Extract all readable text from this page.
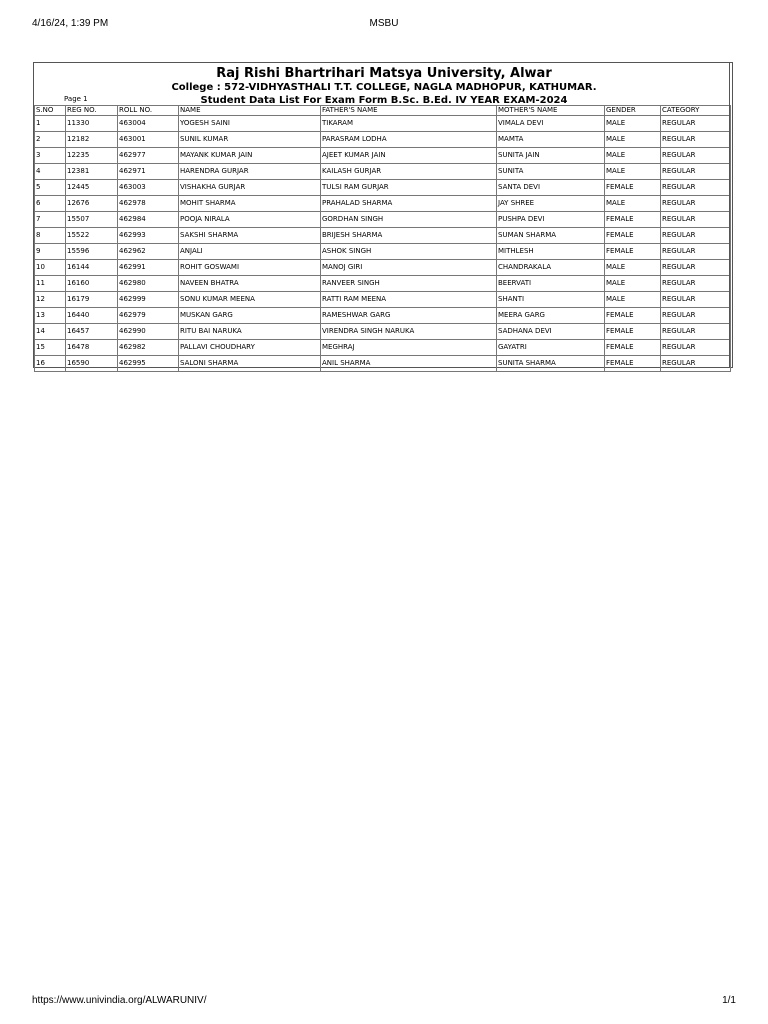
4/16/24, 1:39 PM	MSBU
Raj Rishi Bhartrihari Matsya University, Alwar
College : 572-VIDHYASTHALI T.T. COLLEGE, NAGLA MADHOPUR, KATHUMAR.
Student Data List For Exam Form B.Sc. B.Ed. IV YEAR EXAM-2024
Page 1
S.NO	REG NO.	ROLL NO.	NAME	FATHER'S NAME	MOTHER'S NAME	GENDER	CATEGORY
1	11330	463004	YOGESH SAINI	TIKARAM	VIMALA DEVI	MALE	REGULAR
2	12182	463001	SUNIL KUMAR	PARASRAM LODHA	MAMTA	MALE	REGULAR
3	12235	462977	MAYANK KUMAR JAIN	AJEET KUMAR JAIN	SUNITA JAIN	MALE	REGULAR
4	12381	462971	HARENDRA GURJAR	KAILASH GURJAR	SUNITA	MALE	REGULAR
5	12445	463003	VISHAKHA GURJAR	TULSI RAM GURJAR	SANTA DEVI	FEMALE	REGULAR
6	12676	462978	MOHIT SHARMA	PRAHALAD SHARMA	JAY SHREE	MALE	REGULAR
7	15507	462984	POOJA NIRALA	GORDHAN SINGH	PUSHPA DEVI	FEMALE	REGULAR
8	15522	462993	SAKSHI SHARMA	BRIJESH SHARMA	SUMAN SHARMA	FEMALE	REGULAR
9	15596	462962	ANJALI	ASHOK SINGH	MITHLESH	FEMALE	REGULAR
10	16144	462991	ROHIT GOSWAMI	MANOJ GIRI	CHANDRAKALA	MALE	REGULAR
11	16160	462980	NAVEEN BHATRA	RANVEER SINGH	BEERVATI	MALE	REGULAR
12	16179	462999	SONU KUMAR MEENA	RATTI RAM MEENA	SHANTI	MALE	REGULAR
13	16440	462979	MUSKAN GARG	RAMESHWAR GARG	MEERA GARG	FEMALE	REGULAR
14	16457	462990	RITU BAI NARUKA	VIRENDRA SINGH NARUKA	SADHANA DEVI	FEMALE	REGULAR
15	16478	462982	PALLAVI CHOUDHARY	MEGHRAJ	GAYATRI	FEMALE	REGULAR
16	16590	462995	SALONI SHARMA	ANIL SHARMA	SUNITA SHARMA	FEMALE	REGULAR
https://www.univindia.org/ALWARUNIV/	1/1
